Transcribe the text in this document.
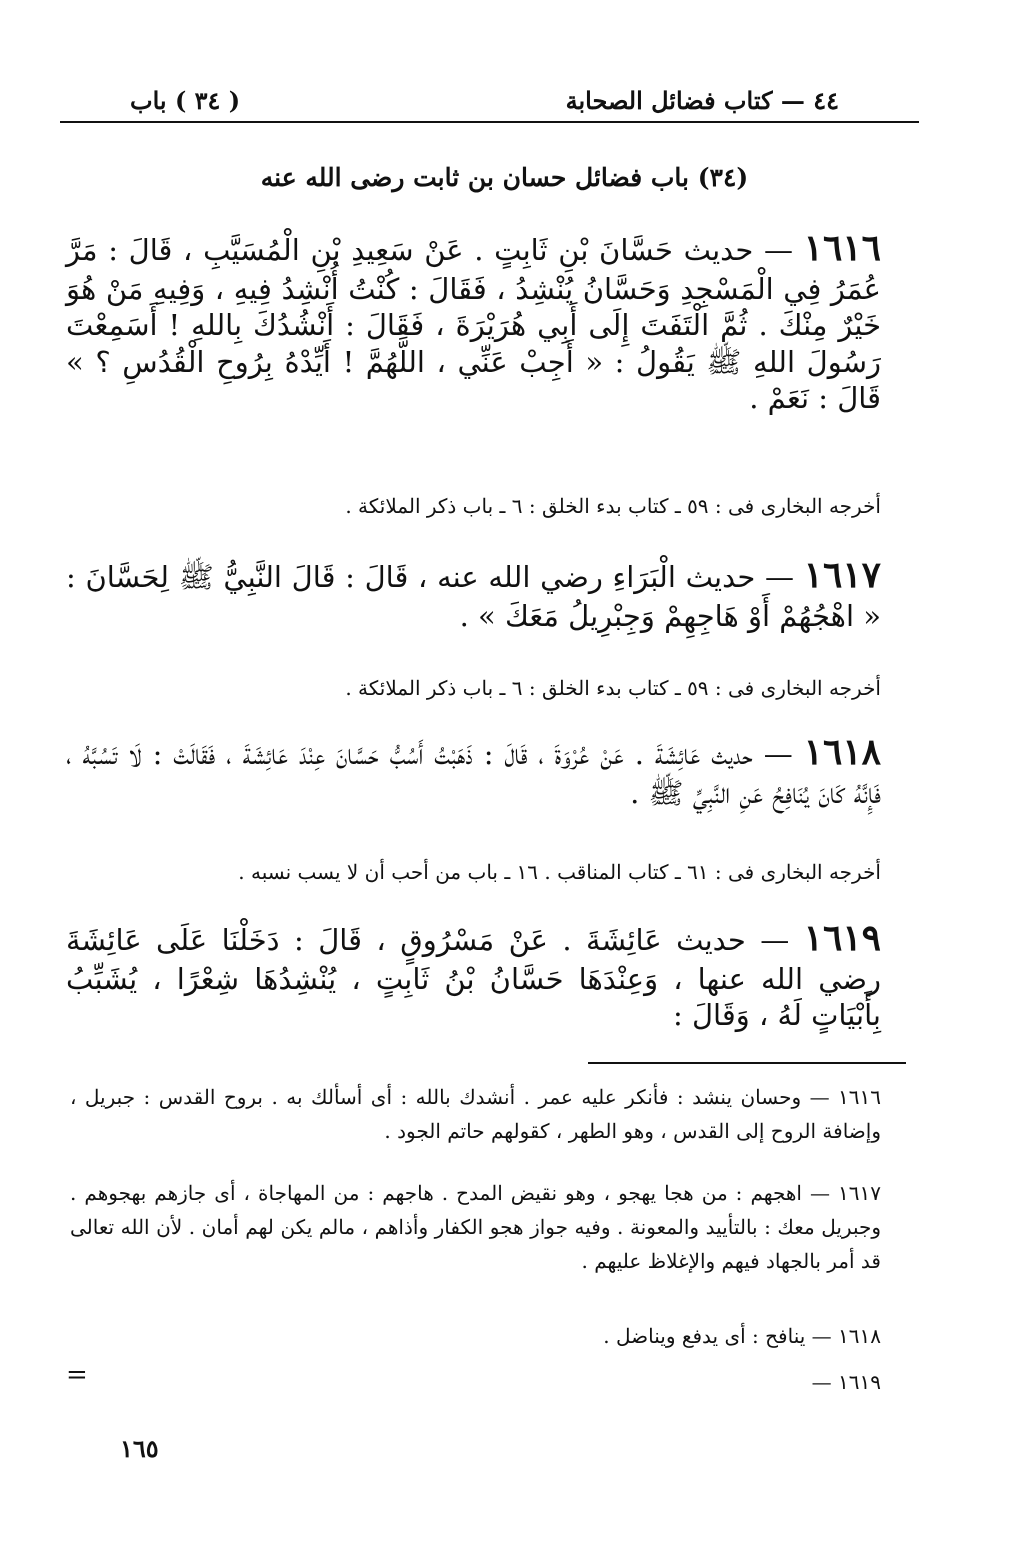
٤٤ — كتاب فضائل الصحابة
( ٣٤ ) باب
(٣٤) باب فضائل حسان بن ثابت رضى الله عنه
١٦١٦ — حديث حَسَّانَ بْنِ ثَابِتٍ . عَنْ سَعِيدِ بْنِ الْمُسَيَّبِ ، قَالَ : مَرَّ عُمَرُ فِي الْمَسْجِدِ وَحَسَّانُ يُنْشِدُ ، فَقَالَ : كُنْتُ أُنْشِدُ فِيهِ ، وَفِيهِ مَنْ هُوَ خَيْرٌ مِنْكَ . ثُمَّ الْتَفَتَ إِلَى أَبِي هُرَيْرَةَ ، فَقَالَ : أَنْشُدُكَ بِاللهِ ! أَسَمِعْتَ رَسُولَ اللهِ ﷺ يَقُولُ : « أَجِبْ عَنِّي ، اللَّهُمَّ ! أَيِّدْهُ بِرُوحِ الْقُدُسِ ؟ » قَالَ : نَعَمْ .
أخرجه البخارى فى : ٥٩ ـ كتاب بدء الخلق : ٦ ـ باب ذكر الملائكة .
١٦١٧ — حديث الْبَرَاءِ رضي الله عنه ، قَالَ : قَالَ النَّبِيُّ ﷺ لِحَسَّانَ : « اهْجُهُمْ أَوْ هَاجِهِمْ وَجِبْرِيلُ مَعَكَ » .
أخرجه البخارى فى : ٥٩ ـ كتاب بدء الخلق : ٦ ـ باب ذكر الملائكة .
١٦١٨ — حديث عَائِشَةَ . عَنْ عُرْوَةَ ، قَالَ : ذَهَبْتُ أَسُبُّ حَسَّانَ عِنْدَ عَائِشَةَ ، فَقَالَتْ : لَا تَسُبَّهُ ، فَإِنَّهُ كَانَ يُنَافِحُ عَنِ النَّبِيِّ ﷺ .
أخرجه البخارى فى : ٦١ ـ كتاب المناقب . ١٦ ـ باب من أحب أن لا يسب نسبه .
١٦١٩ — حديث عَائِشَةَ . عَنْ مَسْرُوقٍ ، قَالَ : دَخَلْنَا عَلَى عَائِشَةَ رضي الله عنها ، وَعِنْدَهَا حَسَّانُ بْنُ ثَابِتٍ ، يُنْشِدُهَا شِعْرًا ، يُشَبِّبُ بِأَبْيَاتٍ لَهُ ، وَقَالَ :
١٦١٦ — وحسان ينشد : فأنكر عليه عمر . أنشدك بالله : أى أسألك به . بروح القدس : جبريل ، وإضافة الروح إلى القدس ، وهو الطهر ، كقولهم حاتم الجود .
١٦١٧ — اهجهم : من هجا يهجو ، وهو نقيض المدح . هاجهم : من المهاجاة ، أى جازهم بهجوهم . وجبريل معك : بالتأييد والمعونة . وفيه جواز هجو الكفار وأذاهم ، مالم يكن لهم أمان . لأن الله تعالى قد أمر بالجهاد فيهم والإغلاظ عليهم .
١٦١٨ — ينافح : أى يدفع ويناضل .
١٦١٩ —
=
١٦٥
